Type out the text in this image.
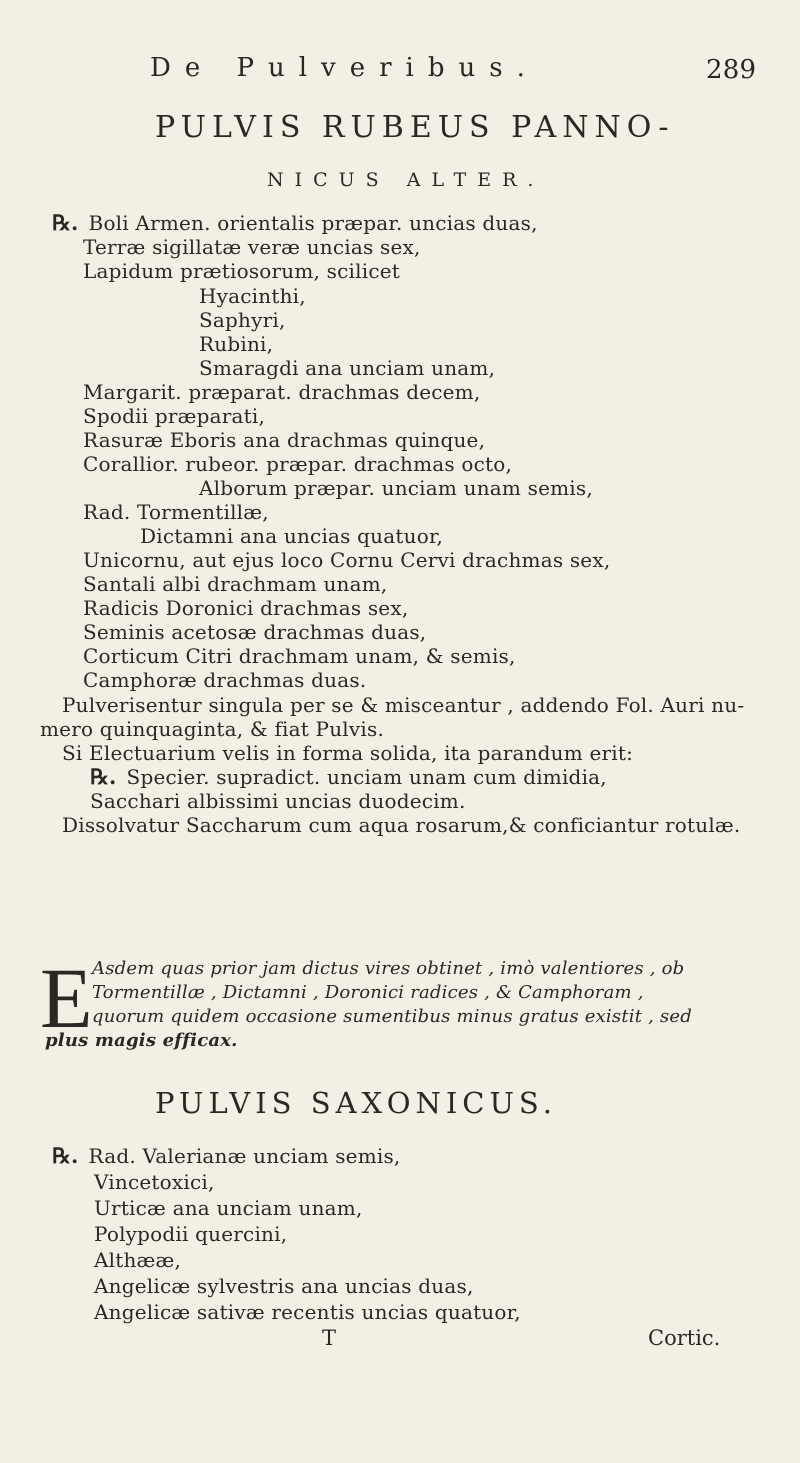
De Pulveribus.	289
PULVIS RUBEUS PANNO-
NICUS ALTER.
℞. Boli Armen. orientalis præpar. uncias duas,
Terræ sigillatæ veræ uncias sex,
Lapidum prætiosorum, scilicet
Hyacinthi,
Saphyri,
Rubini,
Smaragdi ana unciam unam,
Margarit. præparat. drachmas decem,
Spodii præparati,
Rasuræ Eboris ana drachmas quinque,
Corallior. rubeor. præpar. drachmas octo,
Alborum præpar. unciam unam semis,
Rad. Tormentillæ,
Dictamni ana uncias quatuor,
Unicornu, aut ejus loco Cornu Cervi drachmas sex,
Santali albi drachmam unam,
Radicis Doronici drachmas sex,
Seminis acetosæ drachmas duas,
Corticum Citri drachmam unam, & semis,
Camphoræ drachmas duas.
Pulverisentur singula per se & misceantur , addendo Fol. Auri nu-
mero quinquaginta, & fiat Pulvis.
Si Electuarium velis in forma solida, ita parandum erit:
℞. Specier. supradict. unciam unam cum dimidia,
Sacchari albissimi uncias duodecim.
Dissolvatur Saccharum cum aqua rosarum,& conficiantur rotulæ.
E Asdem quas prior jam dictus vires obtinet , imò valentiores , ob
Tormentillæ , Dictamni , Doronici radices , & Camphoram ,
quorum quidem occasione sumentibus minus gratus existit , sed
plus magis efficax.
PULVIS SAXONICUS.
℞. Rad. Valerianæ unciam semis,
Vincetoxici,
Urticæ ana unciam unam,
Polypodii quercini,
Althææ,
Angelicæ sylvestris ana uncias duas,
Angelicæ sativæ recentis uncias quatuor,
T	Cortic.
